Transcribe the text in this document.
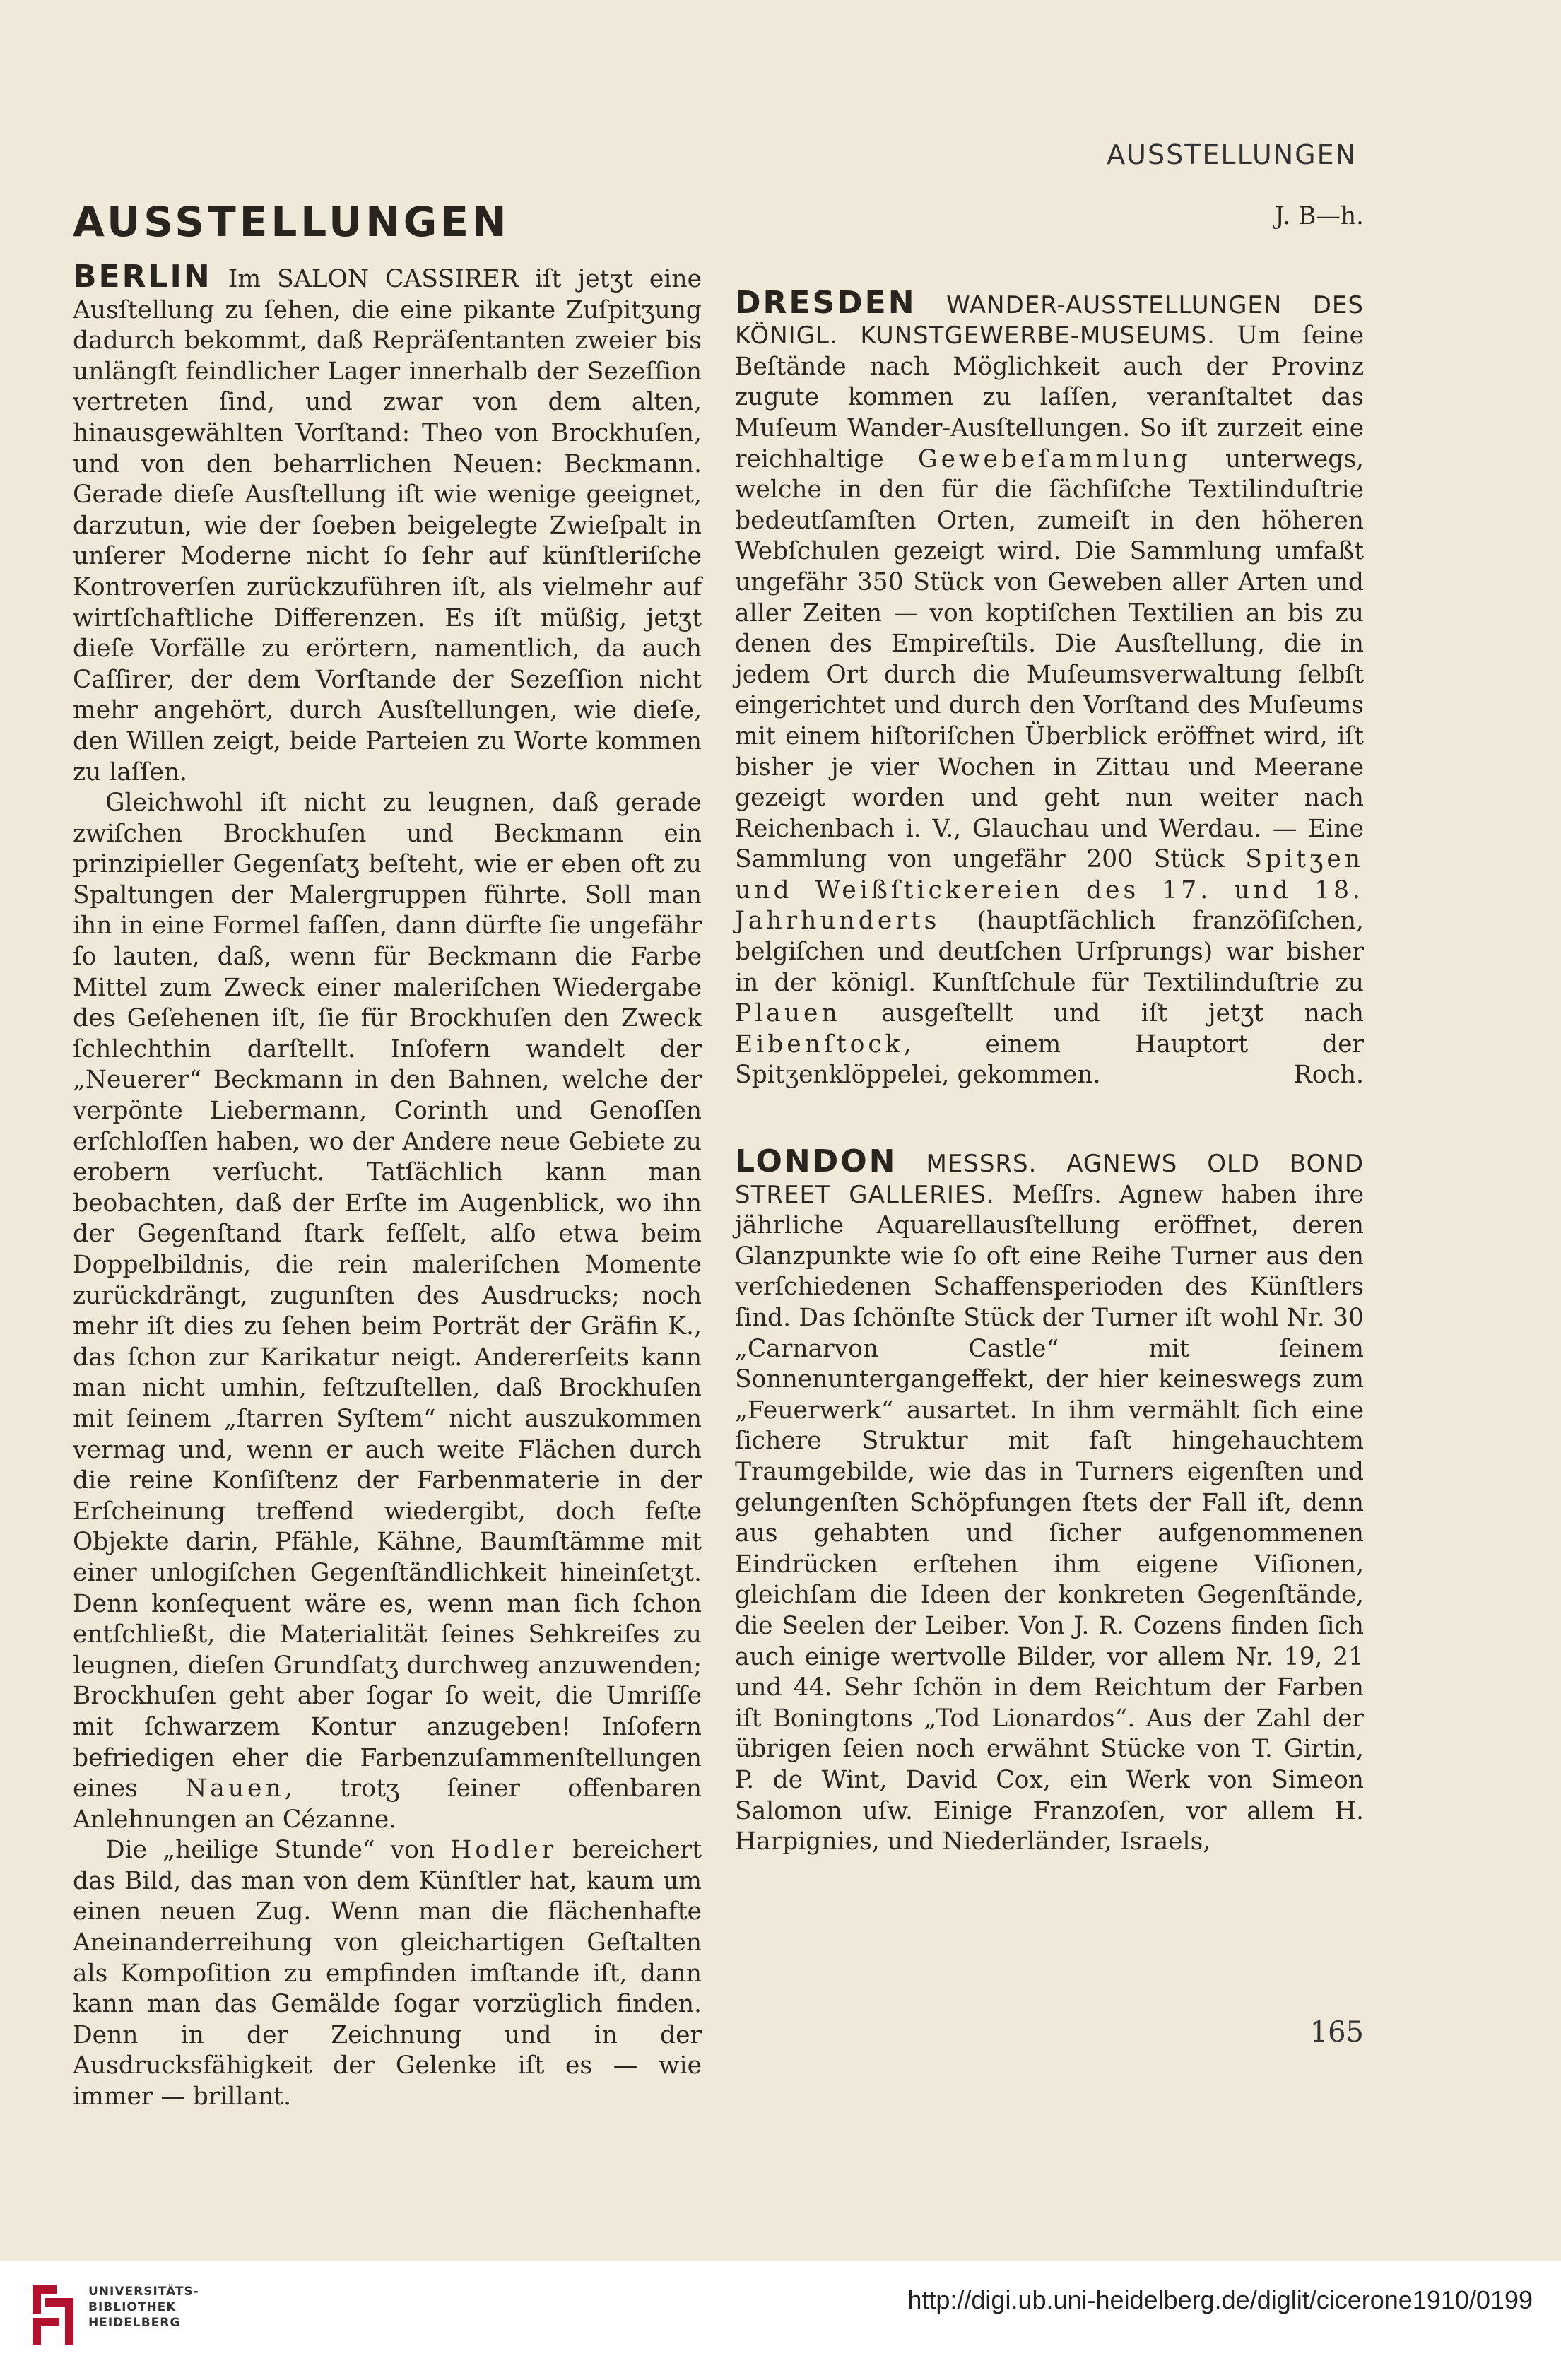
AUSSTELLUNGEN
AUSSTELLUNGEN

BERLIN Im SALON CASSIRER iſt jetʒt eine Ausſtellung zu ſehen, die eine pikante Zuſpitʒung dadurch bekommt, daß Repräſentanten zweier bis unlängſt feindlicher Lager innerhalb der Sezeſſion vertreten ſind, und zwar von dem alten, hinausgewählten Vorſtand: Theo von Brockhuſen, und von den beharrlichen Neuen: Beckmann. Gerade dieſe Ausſtellung iſt wie wenige geeignet, darzutun, wie der ſoeben beigelegte Zwieſpalt in unſerer Moderne nicht ſo ſehr auf künſtleriſche Kontroverſen zurückzuführen iſt, als vielmehr auf wirtſchaftliche Differenzen. Es iſt müßig, jetʒt dieſe Vorfälle zu erörtern, namentlich, da auch Caſſirer, der dem Vorſtande der Sezeſſion nicht mehr angehört, durch Ausſtellungen, wie dieſe, den Willen zeigt, beide Parteien zu Worte kommen zu laſſen.

Gleichwohl iſt nicht zu leugnen, daß gerade zwiſchen Brockhuſen und Beckmann ein prinzipieller Gegenſatʒ beſteht, wie er eben oft zu Spaltungen der Malergruppen führte. Soll man ihn in eine Formel faſſen, dann dürfte ſie ungefähr ſo lauten, daß, wenn für Beckmann die Farbe Mittel zum Zweck einer maleriſchen Wiedergabe des Geſehenen iſt, ſie für Brockhuſen den Zweck ſchlechthin darſtellt. Inſofern wandelt der „Neuerer“ Beckmann in den Bahnen, welche der verpönte Liebermann, Corinth und Genoſſen erſchloſſen haben, wo der Andere neue Gebiete zu erobern verſucht. Tatſächlich kann man beobachten, daß der Erſte im Augenblick, wo ihn der Gegenſtand ſtark feſſelt, alſo etwa beim Doppelbildnis, die rein maleriſchen Momente zurückdrängt, zugunſten des Ausdrucks; noch mehr iſt dies zu ſehen beim Porträt der Gräfin K., das ſchon zur Karikatur neigt. Andererſeits kann man nicht umhin, feſtzuſtellen, daß Brockhuſen mit ſeinem „ſtarren Syſtem“ nicht auszukommen vermag und, wenn er auch weite Flächen durch die reine Konſiſtenz der Farbenmaterie in der Erſcheinung treffend wiedergibt, doch feſte Objekte darin, Pfähle, Kähne, Baumſtämme mit einer unlogiſchen Gegenſtändlichkeit hineinſetʒt. Denn konſequent wäre es, wenn man ſich ſchon entſchließt, die Materialität ſeines Sehkreiſes zu leugnen, dieſen Grundſatʒ durchweg anzuwenden; Brockhuſen geht aber ſogar ſo weit, die Umriſſe mit ſchwarzem Kontur anzugeben! Inſofern befriedigen eher die Farbenzuſammenſtellungen eines Nauen, trotʒ ſeiner offenbaren Anlehnungen an Cézanne.

Die „heilige Stunde“ von Hodler bereichert das Bild, das man von dem Künſtler hat, kaum um einen neuen Zug. Wenn man die flächenhafte Aneinanderreihung von gleichartigen Geſtalten als Kompoſition zu empfinden imſtande iſt, dann kann man das Gemälde ſogar vorzüglich finden. Denn in der Zeichnung und in der Ausdrucksfähigkeit der Gelenke iſt es — wie immer — brillant.

J. B—h.

DRESDEN WANDER-AUSSTELLUNGEN DES KÖNIGL. KUNSTGEWERBE-MUSEUMS. Um ſeine Beſtände nach Möglichkeit auch der Provinz zugute kommen zu laſſen, veranſtaltet das Muſeum Wander-Ausſtellungen. So iſt zurzeit eine reichhaltige Gewebeſammlung unterwegs, welche in den für die ſächſiſche Textilinduſtrie bedeutſamſten Orten, zumeiſt in den höheren Webſchulen gezeigt wird. Die Sammlung umfaßt ungefähr 350 Stück von Geweben aller Arten und aller Zeiten — von koptiſchen Textilien an bis zu denen des Empireſtils. Die Ausſtellung, die in jedem Ort durch die Muſeumsverwaltung ſelbſt eingerichtet und durch den Vorſtand des Muſeums mit einem hiſtoriſchen Überblick eröffnet wird, iſt bisher je vier Wochen in Zittau und Meerane gezeigt worden und geht nun weiter nach Reichenbach i. V., Glauchau und Werdau. — Eine Sammlung von ungefähr 200 Stück Spitʒen und Weißſtickereien des 17. und 18. Jahrhunderts (hauptſächlich franzöſiſchen, belgiſchen und deutſchen Urſprungs) war bisher in der königl. Kunſtſchule für Textilinduſtrie zu Plauen ausgeſtellt und iſt jetʒt nach Eibenſtock, einem Hauptort der Spitʒenklöppelei, gekommen.	Roch.

LONDON MESSRS. AGNEWS OLD BOND STREET GALLERIES. Meſſrs. Agnew haben ihre jährliche Aquarellausſtellung eröffnet, deren Glanzpunkte wie ſo oft eine Reihe Turner aus den verſchiedenen Schaffensperioden des Künſtlers ſind. Das ſchönſte Stück der Turner iſt wohl Nr. 30 „Carnarvon Castle“ mit ſeinem Sonnenuntergangeffekt, der hier keineswegs zum „Feuerwerk“ ausartet. In ihm vermählt ſich eine ſichere Struktur mit faſt hingehauchtem Traumgebilde, wie das in Turners eigenſten und gelungenſten Schöpfungen ſtets der Fall iſt, denn aus gehabten und ſicher aufgenommenen Eindrücken erſtehen ihm eigene Viſionen, gleichſam die Ideen der konkreten Gegenſtände, die Seelen der Leiber. Von J. R. Cozens finden ſich auch einige wertvolle Bilder, vor allem Nr. 19, 21 und 44. Sehr ſchön in dem Reichtum der Farben iſt Boningtons „Tod Lionardos“. Aus der Zahl der übrigen ſeien noch erwähnt Stücke von T. Girtin, P. de Wint, David Cox, ein Werk von Simeon Salomon uſw. Einige Franzoſen, vor allem H. Harpignies, und Niederländer, Israels,

165
UNIVERSITÄTS-
BIBLIOTHEK
HEIDELBERG
http://digi.ub.uni-heidelberg.de/diglit/cicerone1910/0199
